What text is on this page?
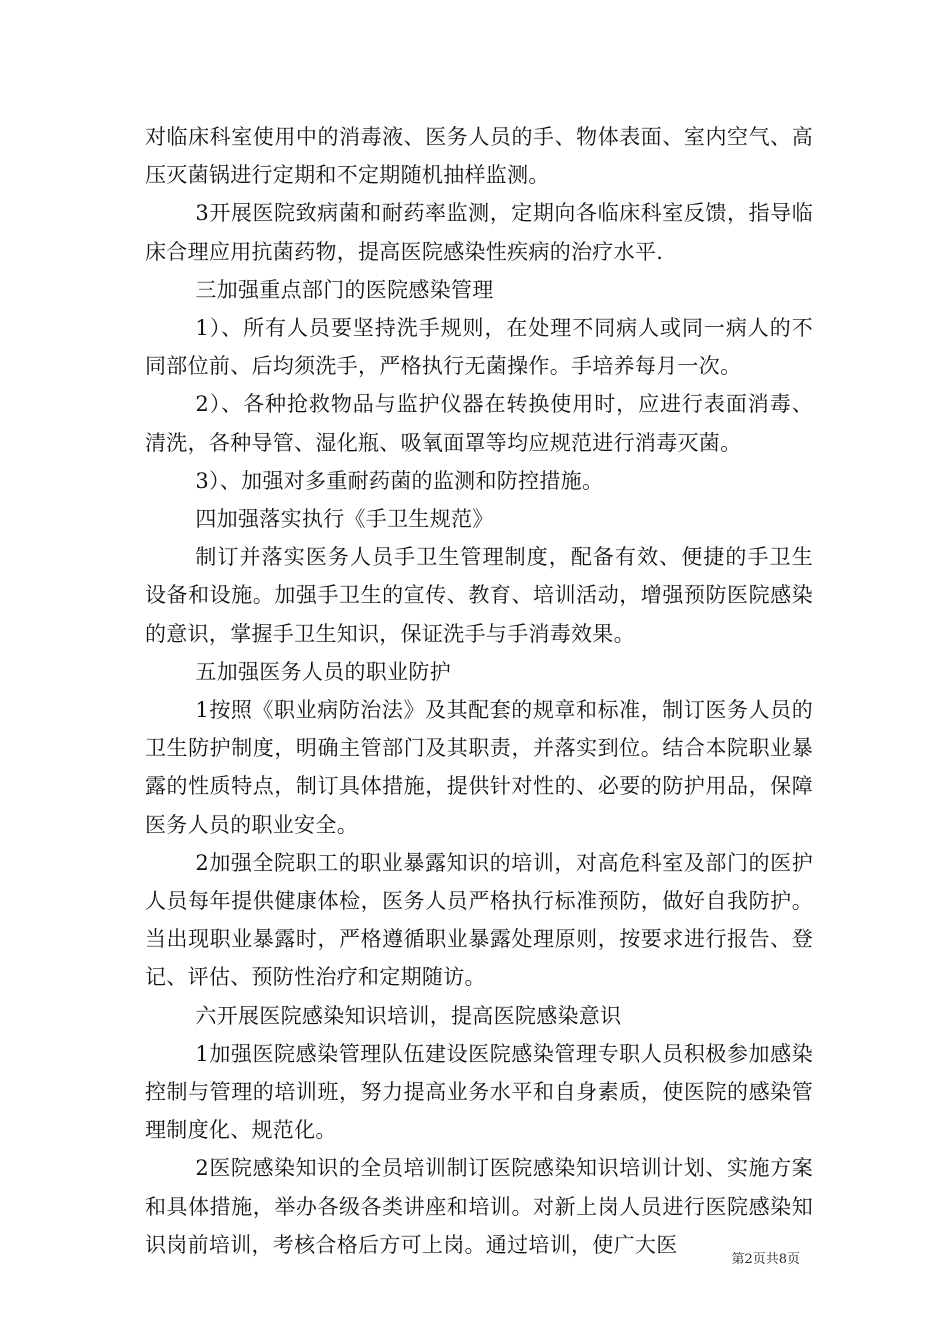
对临床科室使用中的消毒液、医务人员的手、物体表面、室内空气、高压灭菌锅进行定期和不定期随机抽样监测。

3开展医院致病菌和耐药率监测，定期向各临床科室反馈，指导临床合理应用抗菌药物，提高医院感染性疾病的治疗水平.

三加强重点部门的医院感染管理

1）、所有人员要坚持洗手规则，在处理不同病人或同一病人的不同部位前、后均须洗手，严格执行无菌操作。手培养每月一次。

2）、各种抢救物品与监护仪器在转换使用时，应进行表面消毒、清洗，各种导管、湿化瓶、吸氧面罩等均应规范进行消毒灭菌。

3）、加强对多重耐药菌的监测和防控措施。

四加强落实执行《手卫生规范》

制订并落实医务人员手卫生管理制度，配备有效、便捷的手卫生设备和设施。加强手卫生的宣传、教育、培训活动，增强预防医院感染的意识，掌握手卫生知识，保证洗手与手消毒效果。

五加强医务人员的职业防护

1按照《职业病防治法》及其配套的规章和标准，制订医务人员的卫生防护制度，明确主管部门及其职责，并落实到位。结合本院职业暴露的性质特点，制订具体措施，提供针对性的、必要的防护用品，保障医务人员的职业安全。

2加强全院职工的职业暴露知识的培训，对高危科室及部门的医护人员每年提供健康体检，医务人员严格执行标准预防，做好自我防护。当出现职业暴露时，严格遵循职业暴露处理原则，按要求进行报告、登记、评估、预防性治疗和定期随访。

六开展医院感染知识培训，提高医院感染意识

1加强医院感染管理队伍建设医院感染管理专职人员积极参加感染控制与管理的培训班，努力提高业务水平和自身素质，使医院的感染管理制度化、规范化。

2医院感染知识的全员培训制订医院感染知识培训计划、实施方案和具体措施，举办各级各类讲座和培训。对新上岗人员进行医院感染知识岗前培训，考核合格后方可上岗。通过培训，使广大医

第2页共8页
